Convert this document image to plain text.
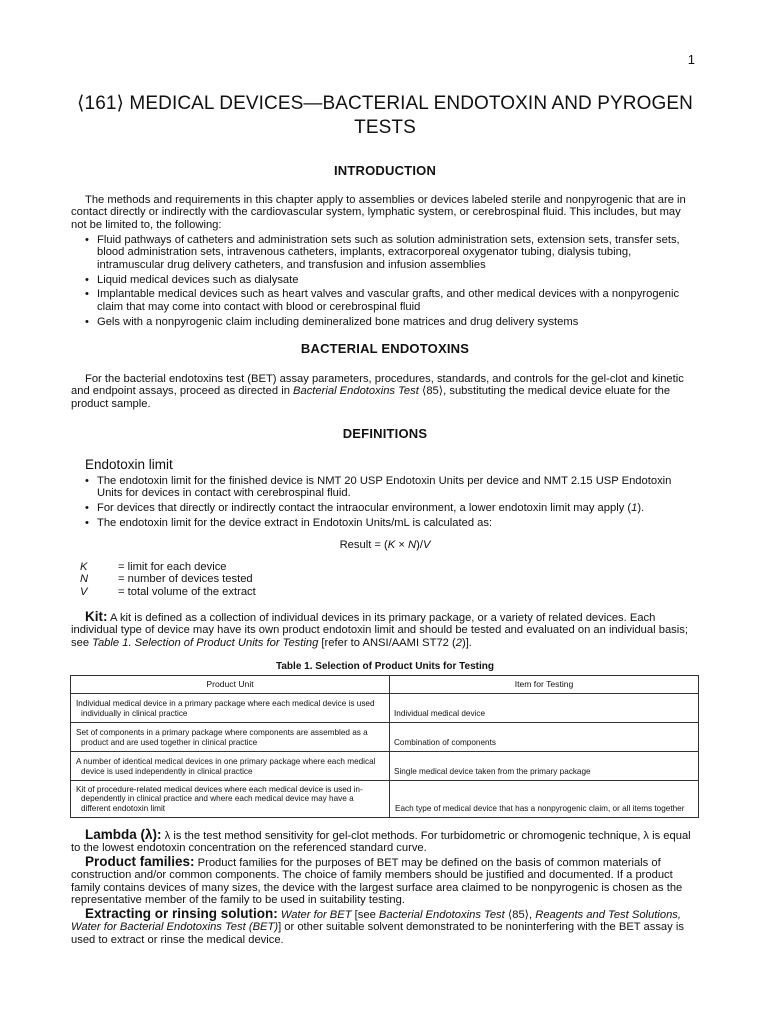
1
⟨161⟩ MEDICAL DEVICES—BACTERIAL ENDOTOXIN AND PYROGEN TESTS
INTRODUCTION

The methods and requirements in this chapter apply to assemblies or devices labeled sterile and nonpyrogenic that are in contact directly or indirectly with the cardiovascular system, lymphatic system, or cerebrospinal fluid. This includes, but may not be limited to, the following:

• Fluid pathways of catheters and administration sets such as solution administration sets, extension sets, transfer sets, blood administration sets, intravenous catheters, implants, extracorporeal oxygenator tubing, dialysis tubing, intramuscular drug delivery catheters, and transfusion and infusion assemblies
• Liquid medical devices such as dialysate
• Implantable medical devices such as heart valves and vascular grafts, and other medical devices with a nonpyrogenic claim that may come into contact with blood or cerebrospinal fluid
• Gels with a nonpyrogenic claim including demineralized bone matrices and drug delivery systems
BACTERIAL ENDOTOXINS

For the bacterial endotoxins test (BET) assay parameters, procedures, standards, and controls for the gel-clot and kinetic and endpoint assays, proceed as directed in Bacterial Endotoxins Test ⟨85⟩, substituting the medical device eluate for the product sample.

DEFINITIONS
Endotoxin limit
• The endotoxin limit for the finished device is NMT 20 USP Endotoxin Units per device and NMT 2.15 USP Endotoxin Units for devices in contact with cerebrospinal fluid.
• For devices that directly or indirectly contact the intraocular environment, a lower endotoxin limit may apply (1).
• The endotoxin limit for the device extract in Endotoxin Units/mL is calculated as:
Result = (K × N)/V
K	= limit for each device
N	= number of devices tested
V	= total volume of the extract

Kit: A kit is defined as a collection of individual devices in its primary package, or a variety of related devices. Each individual type of device may have its own product endotoxin limit and should be tested and evaluated on an individual basis; see Table 1. Selection of Product Units for Testing [refer to ANSI/AAMI ST72 (2)].

Table 1. Selection of Product Units for Testing
Product Unit	Item for Testing

Individual medical device in a primary package where each medical device is used individually in clinical practice	Individual medical device

Set of components in a primary package where components are assembled as a product and are used together in clinical practice	Combination of components

A number of identical medical devices in one primary package where each medical device is used independently in clinical practice	Single medical device taken from the primary package

Kit of procedure-related medical devices where each medical device is used in-dependently in clinical practice and where each medical device may have a different endotoxin limit	Each type of medical device that has a nonpyrogenic claim, or all items together

Lambda (λ): λ is the test method sensitivity for gel-clot methods. For turbidometric or chromogenic technique, λ is equal to the lowest endotoxin concentration on the referenced standard curve.

Product families: Product families for the purposes of BET may be defined on the basis of common materials of construction and/or common components. The choice of family members should be justified and documented. If a product family contains devices of many sizes, the device with the largest surface area claimed to be nonpyrogenic is chosen as the representative member of the family to be used in suitability testing.

Extracting or rinsing solution: Water for BET [see Bacterial Endotoxins Test ⟨85⟩, Reagents and Test Solutions, Water for Bacterial Endotoxins Test (BET)] or other suitable solvent demonstrated to be noninterfering with the BET assay is used to extract or rinse the medical device.
